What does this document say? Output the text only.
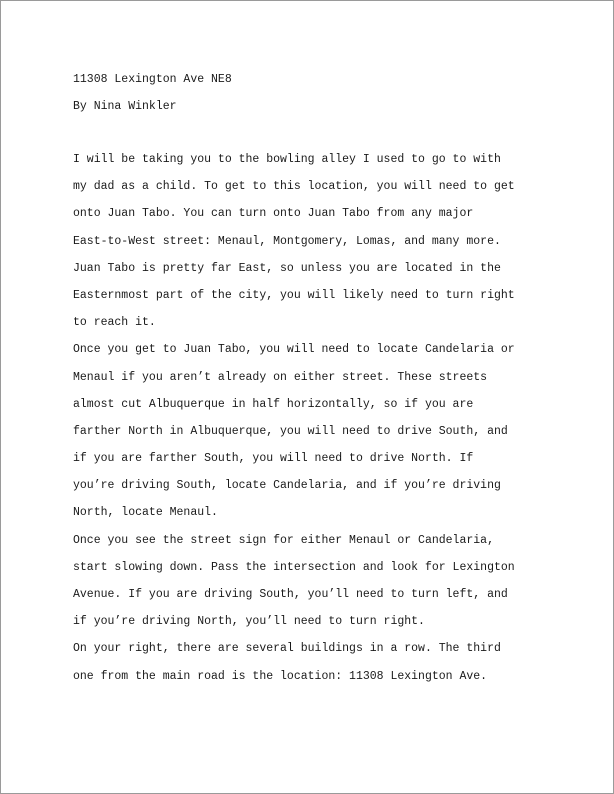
11308 Lexington Ave NE8
By Nina Winkler
I will be taking you to the bowling alley I used to go to with
my dad as a child. To get to this location, you will need to get
onto Juan Tabo. You can turn onto Juan Tabo from any major
East-to-West street: Menaul, Montgomery, Lomas, and many more.
Juan Tabo is pretty far East, so unless you are located in the
Easternmost part of the city, you will likely need to turn right
to reach it.
Once you get to Juan Tabo, you will need to locate Candelaria or
Menaul if you aren’t already on either street. These streets
almost cut Albuquerque in half horizontally, so if you are
farther North in Albuquerque, you will need to drive South, and
if you are farther South, you will need to drive North. If
you’re driving South, locate Candelaria, and if you’re driving
North, locate Menaul.
Once you see the street sign for either Menaul or Candelaria,
start slowing down. Pass the intersection and look for Lexington
Avenue. If you are driving South, you’ll need to turn left, and
if you’re driving North, you’ll need to turn right.
On your right, there are several buildings in a row. The third
one from the main road is the location: 11308 Lexington Ave.
